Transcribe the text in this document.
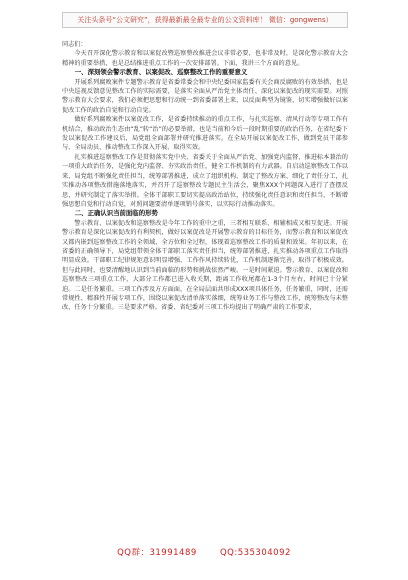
关注头条号“公文研究”，获得最新最全最专业的公文资料库！ 微信：gongwens）

同志们：

今天召开深化警示教育和以案促改暨巡察整改推进会议非常必要，也非常及时，是深化警示教育大会精神的重要举措，也是总结推进重点工作的一次安排部署。下面，我讲三个方面的意见。

一、深刻领会警示教育、以案促改、巡察整改工作的重要意义

开展系列腐败案件专题警示教育是省委常委会和中央纪委国家监委有关会商反腐败的有效举措，也是中央巡视反馈意见整改工作的实际需要，是落实全面从严治党主体责任、深化以案促改的现实需要。对照警示教育大会要求，我们必须把思想和行动统一到省委部署上来，以反面典型为镜鉴，切实增强做好以案促改工作的政治自觉和行动自觉。

做好系列腐败案件以案促改工作，是省委持续推动的重点工作，与扎实巡察、清风行动等专项工作有机结合，推动政治生态由“乱”转“治”的必要举措，也是当前和今后一段时期重要的政治任务，在省纪委下发以案促改工作建议后，局党组全面部署并研究推进落实。在全局开展以案促改工作，做到党员干部参与、全局动员、推动整改工作深入开展、取得实效。

扎实推进巡察整改工作是贯彻落实党中央、省委关于全面从严治党、加强党内监督，推进标本兼治的一项重大政治任务，是强化党内监督、夯实政治责任，健全工作机制的有力武器。自启动巡察整改工作以来，局党组不断强化责任担当，统筹部署推进，成立了组织机构、制定了整改方案、细化了责任分工，扎实推动各项整改措施落地落实，并召开了巡察整改专题民主生活会，聚焦XXX个问题深入进行了查摆反思，并研究制定了落实举措。全体干部职工要切实提高政治站位，持续强化责任意识和责任担当，不断增强思想自觉和行动自觉，对照问题要清单逐项销号落实，以实际行动推动落实。

二、正确认识当前面临的形势

警示教育、以案促改和巡察整改是今年工作的重中之重，三者相互联系、相辅相成又相互促进。开展警示教育是深化以案促改的有利契机，做好以案促改是开展警示教育的目标任务，而警示教育和以案促改又都内嵌到巡察整改工作的全领域、全方位和全过程，体现着巡察整改工作的质量和效果。年初以来，在省委的正确领导下，局党组带领全体干部职工落实责任担当，统筹部署推进，扎实推动各项重点工作取得明显成效。干部职工纪律规矩意识明显增强、工作作风持续转优，工作机制逐渐完善，取得了积极成效。但与此同时，也要清醒地认识到当前面临的形势和挑战依然严峻。一是时间紧迫。警示教育、以案促改和巡察整改三项重点工作，大部分工作都已进入收关期，距离工作收尾都在1-3个月左右，时间已十分紧迫。二是任务繁重。三项工作涉及方方面面，在全局层面共形成XXX项具体任务，任务繁重，同时，还需常规性、精准性开展专项工作，围绕以案促改清单落实落细，统筹业务工作与整改工作，统筹整改与未整改，任务十分繁重。三是要求严格。省委、省纪委对三项工作均提出了明确严肃的工作要求，

QQ群：31991489	QQ:535304092
